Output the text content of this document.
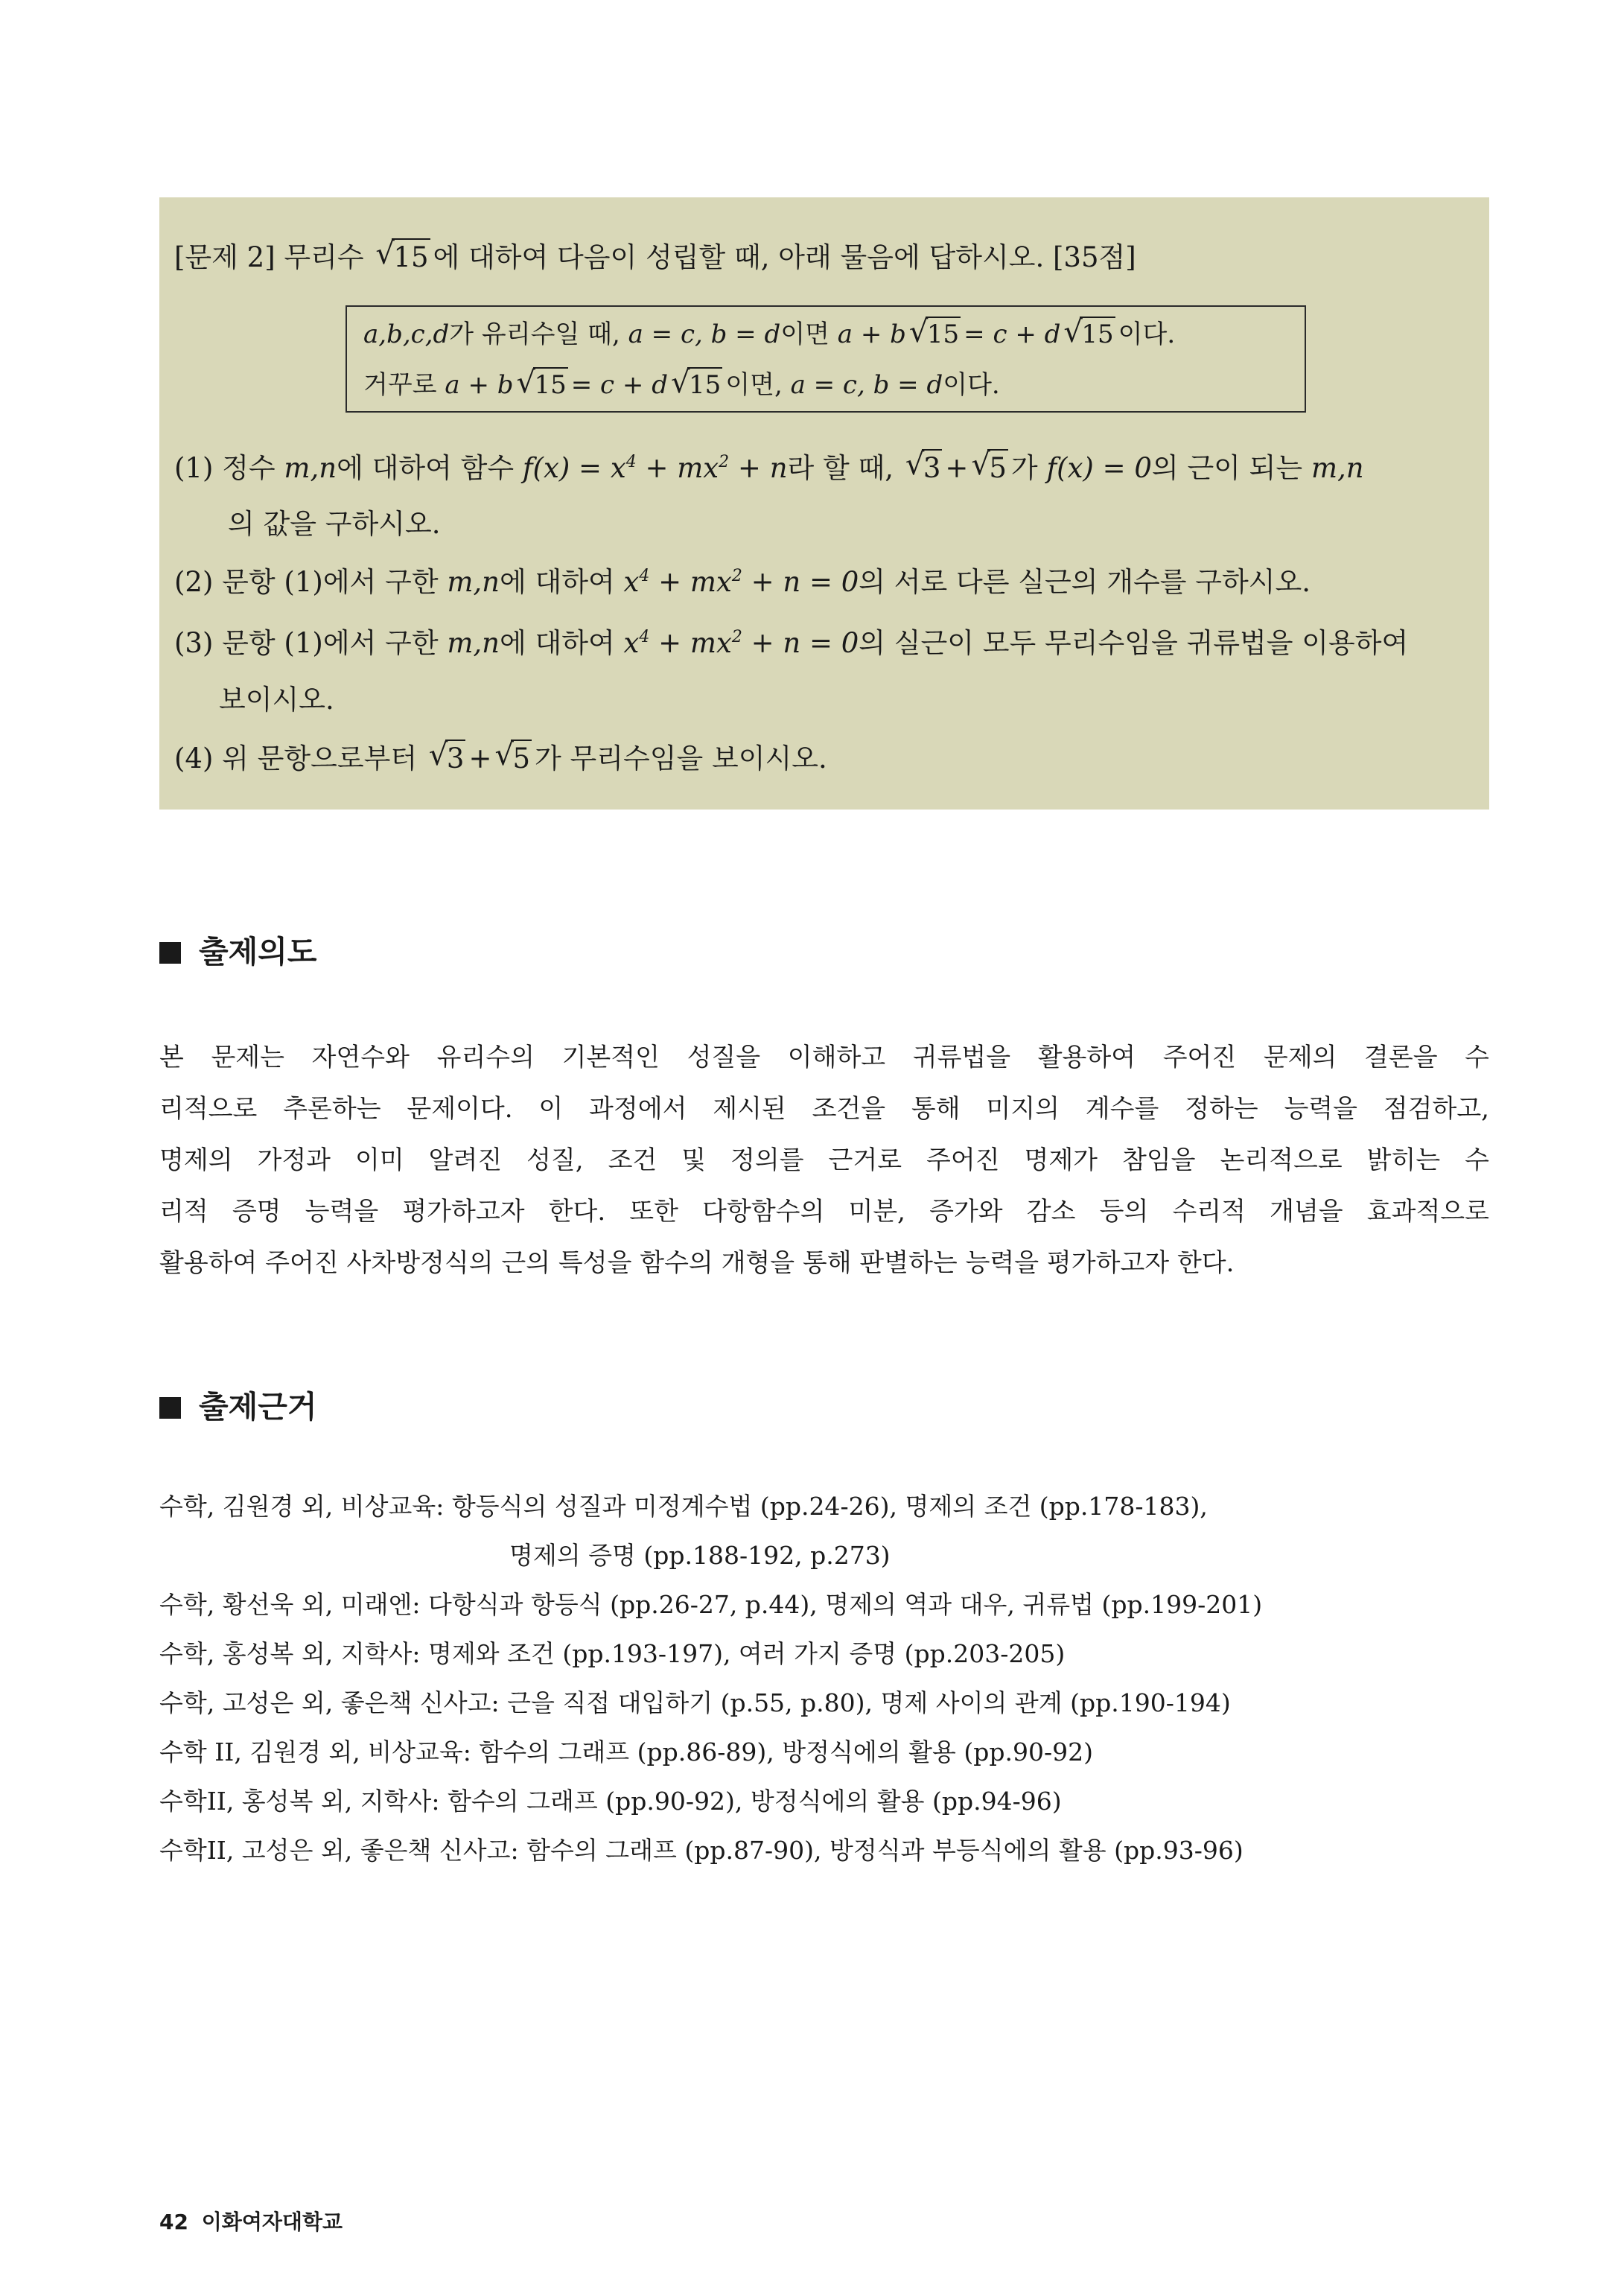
[문제 2] 무리수 √ 15 에 대하여 다음이 성립할 때, 아래 물음에 답하시오. [35점]
a,b,c,d가 유리수일 때, a = c, b = d이면 a + b √ 15 = c + d √ 15 이다.
거꾸로 a + b √ 15 = c + d √ 15 이면, a = c, b = d이다.
(1) 정수 m,n에 대하여 함수 $f(x) = x^4 + mx^2 + n$라 할 때, √ 3 + √ 5 가 f(x) = 0의 근이 되는 m,n
의 값을 구하시오.
(2) 문항 (1)에서 구한 m,n에 대하여 $x^4 + mx^2 + n = 0$의 서로 다른 실근의 개수를 구하시오.
(3) 문항 (1)에서 구한 m,n에 대하여 $x^4 + mx^2 + n = 0$의 실근이 모두 무리수임을 귀류법을 이용하여
보이시오.
(4) 위 문항으로부터 √ 3 + √ 5 가 무리수임을 보이시오.
출제의도
본 문제는 자연수와 유리수의 기본적인 성질을 이해하고 귀류법을 활용하여 주어진 문제의 결론을 수
리적으로 추론하는 문제이다. 이 과정에서 제시된 조건을 통해 미지의 계수를 정하는 능력을 점검하고,
명제의 가정과 이미 알려진 성질, 조건 및 정의를 근거로 주어진 명제가 참임을 논리적으로 밝히는 수
리적 증명 능력을 평가하고자 한다. 또한 다항함수의 미분, 증가와 감소 등의 수리적 개념을 효과적으로
활용하여 주어진 사차방정식의 근의 특성을 함수의 개형을 통해 판별하는 능력을 평가하고자 한다.
출제근거
수학, 김원경 외, 비상교육: 항등식의 성질과 미정계수법 (pp.24-26), 명제의 조건 (pp.178-183),
명제의 증명 (pp.188-192, p.273)
수학, 황선욱 외, 미래엔: 다항식과 항등식 (pp.26-27, p.44), 명제의 역과 대우, 귀류법 (pp.199-201)
수학, 홍성복 외, 지학사: 명제와 조건 (pp.193-197), 여러 가지 증명 (pp.203-205)
수학, 고성은 외, 좋은책 신사고: 근을 직접 대입하기 (p.55, p.80), 명제 사이의 관계 (pp.190-194)
수학 II, 김원경 외, 비상교육: 함수의 그래프 (pp.86-89), 방정식에의 활용 (pp.90-92)
수학II, 홍성복 외, 지학사: 함수의 그래프 (pp.90-92), 방정식에의 활용 (pp.94-96)
수학II, 고성은 외, 좋은책 신사고: 함수의 그래프 (pp.87-90), 방정식과 부등식에의 활용 (pp.93-96)
42 이화여자대학교
